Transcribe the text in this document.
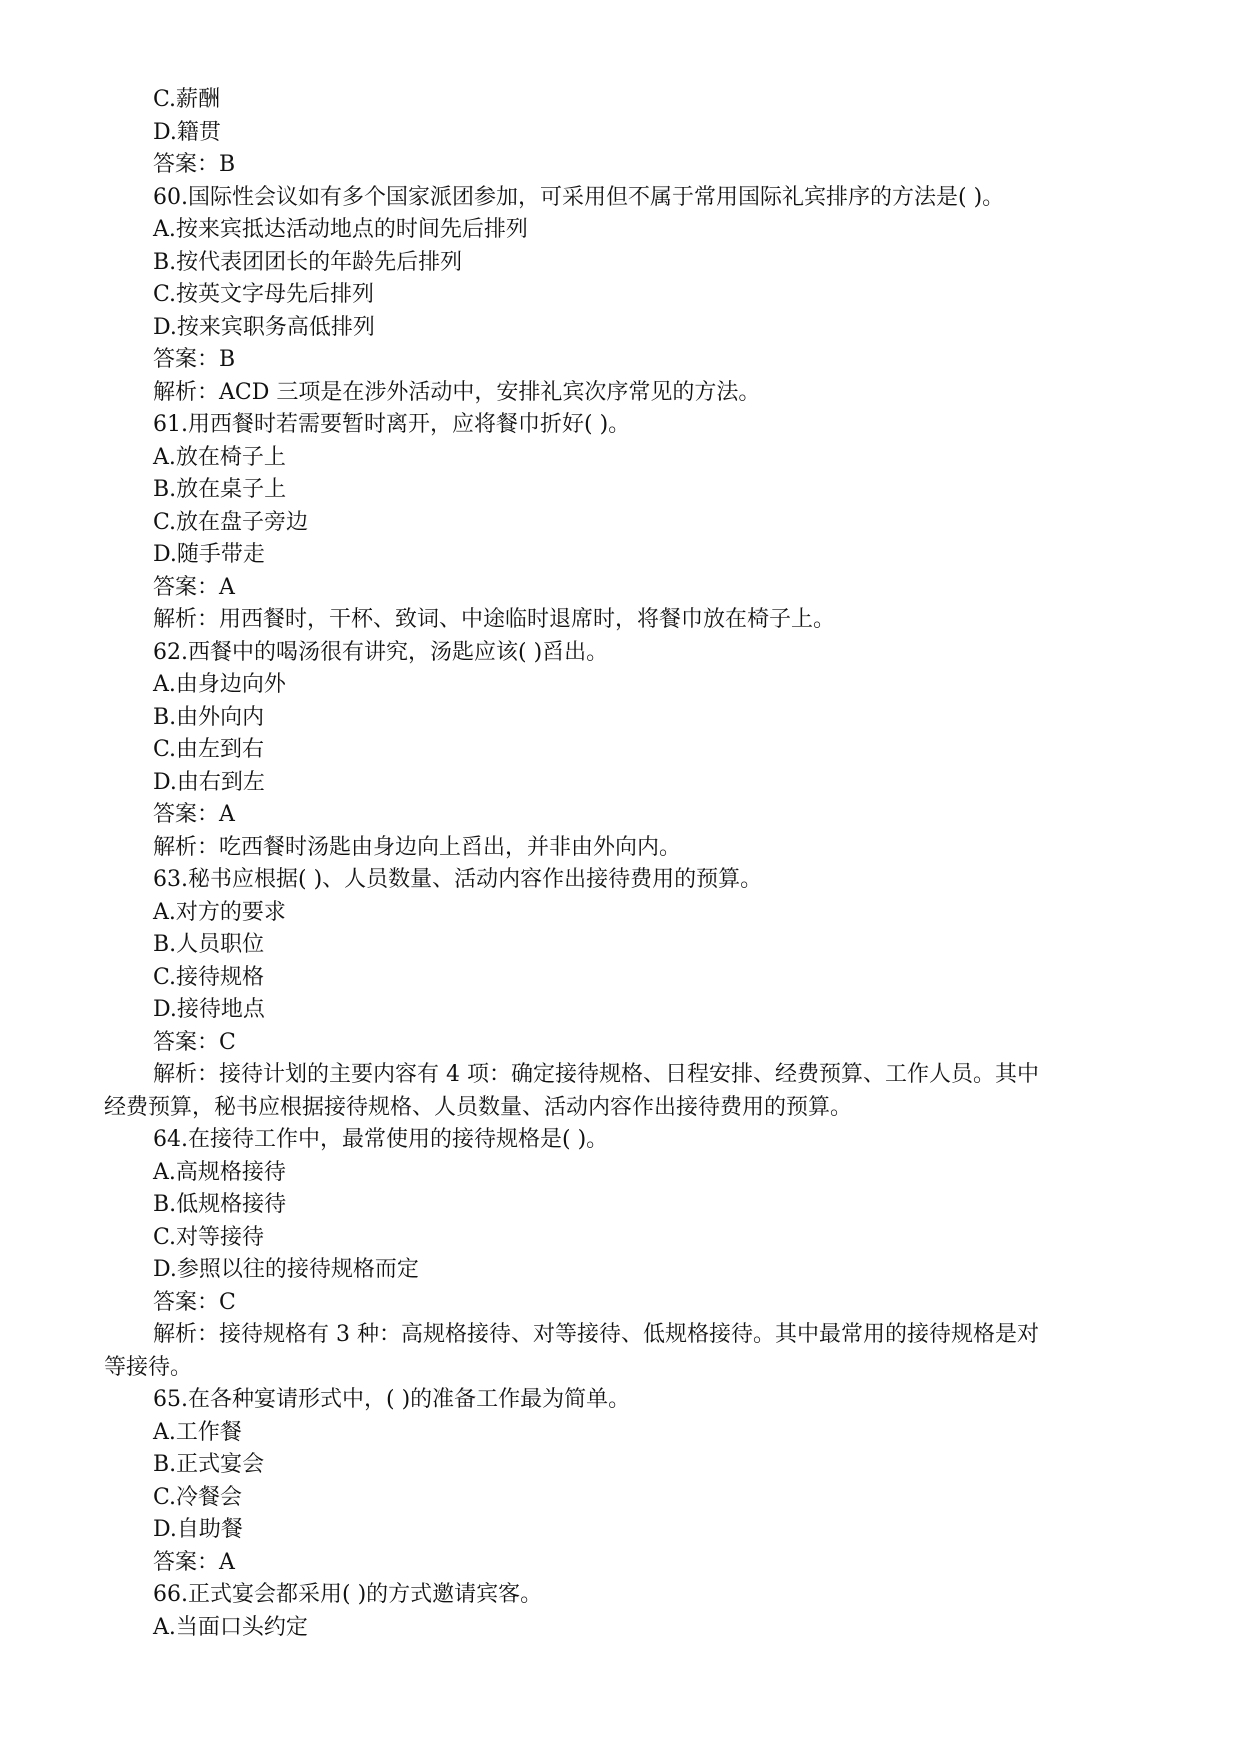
C.薪酬
D.籍贯
答案：B
60.国际性会议如有多个国家派团参加，可采用但不属于常用国际礼宾排序的方法是( )。
A.按来宾抵达活动地点的时间先后排列
B.按代表团团长的年龄先后排列
C.按英文字母先后排列
D.按来宾职务高低排列
答案：B
解析：ACD 三项是在涉外活动中，安排礼宾次序常见的方法。
61.用西餐时若需要暂时离开，应将餐巾折好( )。
A.放在椅子上
B.放在桌子上
C.放在盘子旁边
D.随手带走
答案：A
解析：用西餐时，干杯、致词、中途临时退席时，将餐巾放在椅子上。
62.西餐中的喝汤很有讲究，汤匙应该( )舀出。
A.由身边向外
B.由外向内
C.由左到右
D.由右到左
答案：A
解析：吃西餐时汤匙由身边向上舀出，并非由外向内。
63.秘书应根据( )、人员数量、活动内容作出接待费用的预算。
A.对方的要求
B.人员职位
C.接待规格
D.接待地点
答案：C
解析：接待计划的主要内容有 4 项：确定接待规格、日程安排、经费预算、工作人员。其中
经费预算，秘书应根据接待规格、人员数量、活动内容作出接待费用的预算。
64.在接待工作中，最常使用的接待规格是( )。
A.高规格接待
B.低规格接待
C.对等接待
D.参照以往的接待规格而定
答案：C
解析：接待规格有 3 种：高规格接待、对等接待、低规格接待。其中最常用的接待规格是对
等接待。
65.在各种宴请形式中，( )的准备工作最为简单。
A.工作餐
B.正式宴会
C.冷餐会
D.自助餐
答案：A
66.正式宴会都采用( )的方式邀请宾客。
A.当面口头约定
